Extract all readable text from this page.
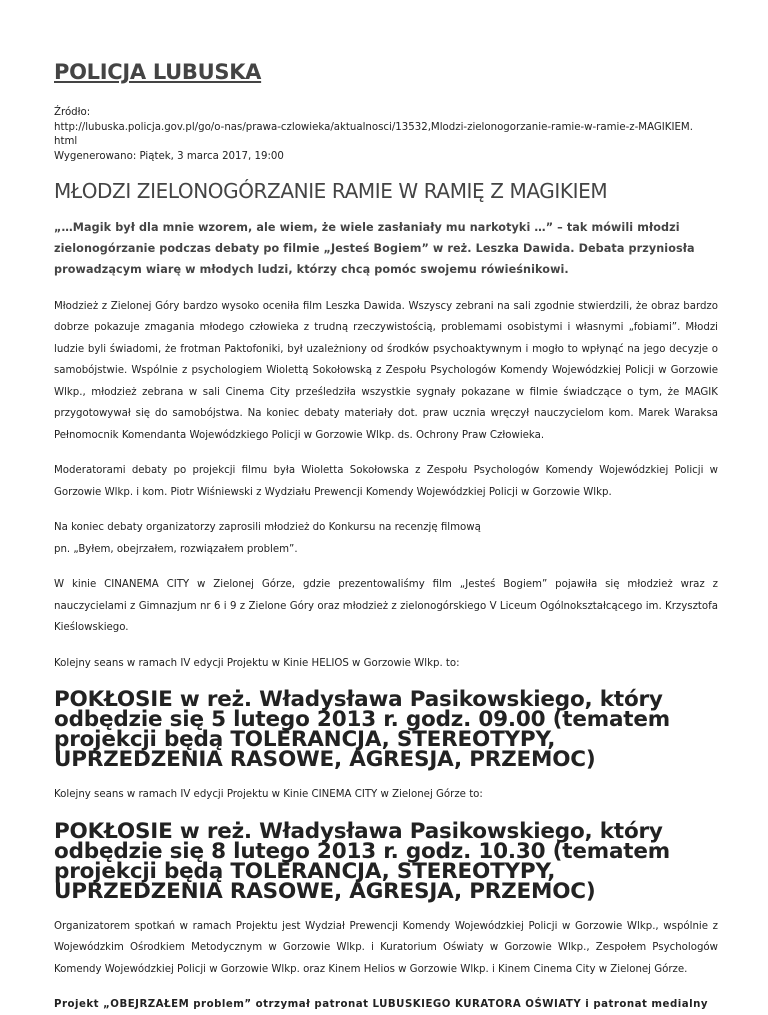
POLICJA LUBUSKA
Źródło:
http://lubuska.policja.gov.pl/go/o-nas/prawa-czlowieka/aktualnosci/13532,Mlodzi-zielonogorzanie-ramie-w-ramie-z-MAGIKIEM.
html
Wygenerowano: Piątek, 3 marca 2017, 19:00
MŁODZI ZIELONOGÓRZANIE RAMIE W RAMIĘ Z MAGIKIEM

„…Magik był dla mnie wzorem, ale wiem, że wiele zasłaniały mu narkotyki …” – tak mówili młodzi zielonogórzanie podczas debaty po filmie „Jesteś Bogiem” w reż. Leszka Dawida. Debata przyniosła prowadzącym wiarę w młodych ludzi, którzy chcą pomóc swojemu rówieśnikowi.

Młodzież z Zielonej Góry bardzo wysoko oceniła film Leszka Dawida. Wszyscy zebrani na sali zgodnie stwierdzili, że obraz bardzo dobrze pokazuje zmagania młodego człowieka z trudną rzeczywistością, problemami osobistymi i własnymi „fobiami”. Młodzi ludzie byli świadomi, że frotman Paktofoniki, był uzależniony od środków psychoaktywnym i mogło to wpłynąć na jego decyzje o samobójstwie. Wspólnie z psychologiem Wiolettą Sokołowską z Zespołu Psychologów Komendy Wojewódzkiej Policji w Gorzowie Wlkp., młodzież zebrana w sali Cinema City prześledziła wszystkie sygnały pokazane w filmie świadczące o tym, że MAGIK przygotowywał się do samobójstwa. Na koniec debaty materiały dot. praw ucznia wręczył nauczycielom kom. Marek Waraksa Pełnomocnik Komendanta Wojewódzkiego Policji w Gorzowie Wlkp. ds. Ochrony Praw Człowieka.

Moderatorami debaty po projekcji filmu była Wioletta Sokołowska z Zespołu Psychologów Komendy Wojewódzkiej Policji w Gorzowie Wlkp. i kom. Piotr Wiśniewski z Wydziału Prewencji Komendy Wojewódzkiej Policji w Gorzowie Wlkp.

Na koniec debaty organizatorzy zaprosili młodzież do Konkursu na recenzję filmową
pn. „Byłem, obejrzałem, rozwiązałem problem”.

W kinie CINANEMA CITY w Zielonej Górze, gdzie prezentowaliśmy film „Jesteś Bogiem” pojawiła się młodzież wraz z nauczycielami z Gimnazjum nr 6 i 9 z Zielone Góry oraz młodzież z zielonogórskiego V Liceum Ogólnokształcącego im. Krzysztofa Kieślowskiego.

Kolejny seans w ramach IV edycji Projektu w Kinie HELIOS w Gorzowie Wlkp. to:

POKŁOSIE w reż. Władysława Pasikowskiego, który odbędzie się 5 lutego 2013 r. godz. 09.00 (tematem projekcji będą TOLERANCJA, STEREOTYPY, UPRZEDZENIA RASOWE, AGRESJA, PRZEMOC)

Kolejny seans w ramach IV edycji Projektu w Kinie CINEMA CITY w Zielonej Górze to:

POKŁOSIE w reż. Władysława Pasikowskiego, który odbędzie się 8 lutego 2013 r. godz. 10.30 (tematem projekcji będą TOLERANCJA, STEREOTYPY, UPRZEDZENIA RASOWE, AGRESJA, PRZEMOC)

Organizatorem spotkań w ramach Projektu jest Wydział Prewencji Komendy Wojewódzkiej Policji w Gorzowie Wlkp., wspólnie z Wojewódzkim Ośrodkiem Metodycznym w Gorzowie Wlkp. i Kuratorium Oświaty w Gorzowie Wlkp., Zespołem Psychologów Komendy Wojewódzkiej Policji w Gorzowie Wlkp. oraz Kinem Helios w Gorzowie Wlkp. i Kinem Cinema City w Zielonej Górze.

Projekt „OBEJRZAŁEM problem” otrzymał patronat LUBUSKIEGO KURATORA OŚWIATY i patronat medialny
